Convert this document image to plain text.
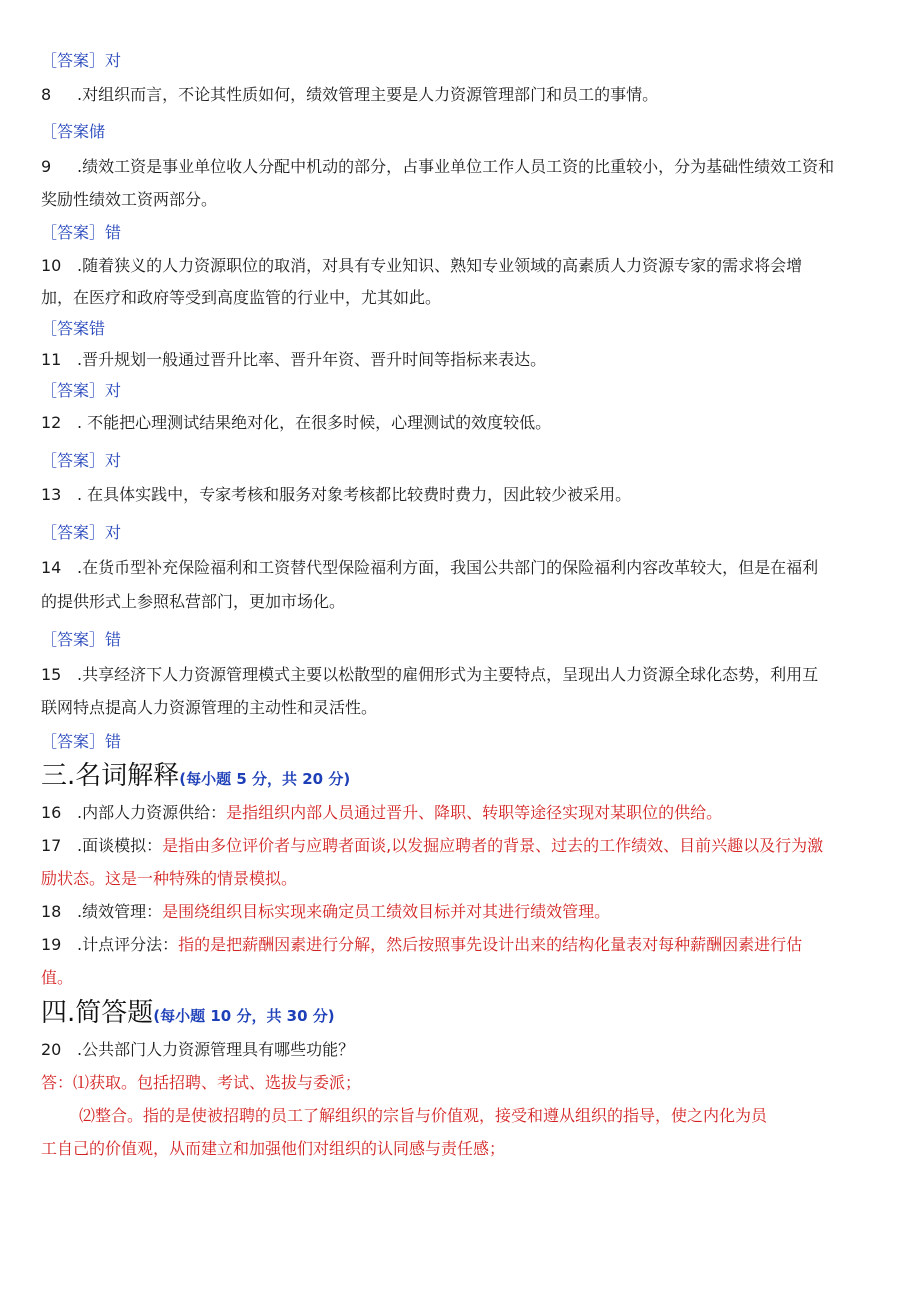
［答案］对
8 .对组织而言，不论其性质如何，绩效管理主要是人力资源管理部门和员工的事情。
［答案储
9 .绩效工资是事业单位收人分配中机动的部分，占事业单位工作人员工资的比重较小，分为基础性绩效工资和
奖励性绩效工资两部分。
［答案］错
10 .随着狭义的人力资源职位的取消，对具有专业知识、熟知专业领域的高素质人力资源专家的需求将会增
加，在医疗和政府等受到高度监管的行业中，尤其如此。
［答案错
11 .晋升规划一般通过晋升比率、晋升年资、晋升时间等指标来表达。
［答案］对
12 . 不能把心理测试结果绝对化，在很多时候，心理测试的效度较低。
［答案］对
13 . 在具体实践中，专家考核和服务对象考核都比较费时费力，因此较少被采用。
［答案］对
14 .在货币型补充保险福利和工资替代型保险福利方面，我国公共部门的保险福利内容改革较大，但是在福利
的提供形式上参照私营部门，更加市场化。
［答案］错
15 .共享经济下人力资源管理模式主要以松散型的雇佣形式为主要特点，呈现出人力资源全球化态势，利用互
联网特点提高人力资源管理的主动性和灵活性。
［答案］错
三.名词解释(每小题 5 分，共 20 分)
16 .内部人力资源供给：是指组织内部人员通过晋升、降职、转职等途径实现对某职位的供给。
17 .面谈模拟：是指由多位评价者与应聘者面谈,以发掘应聘者的背景、过去的工作绩效、目前兴趣以及行为激
励状态。这是一种特殊的情景模拟。
18 .绩效管理：是围绕组织目标实现来确定员工绩效目标并对其进行绩效管理。
19 .计点评分法：指的是把薪酬因素进行分解，然后按照事先设计出来的结构化量表对每种薪酬因素进行估
值。
四.简答题(每小题 10 分，共 30 分)
20 .公共部门人力资源管理具有哪些功能？
答：⑴获取。包括招聘、考试、选拔与委派；
⑵整合。指的是使被招聘的员工了解组织的宗旨与价值观，接受和遵从组织的指导，使之内化为员
工自己的价值观，从而建立和加强他们对组织的认同感与责任感；
